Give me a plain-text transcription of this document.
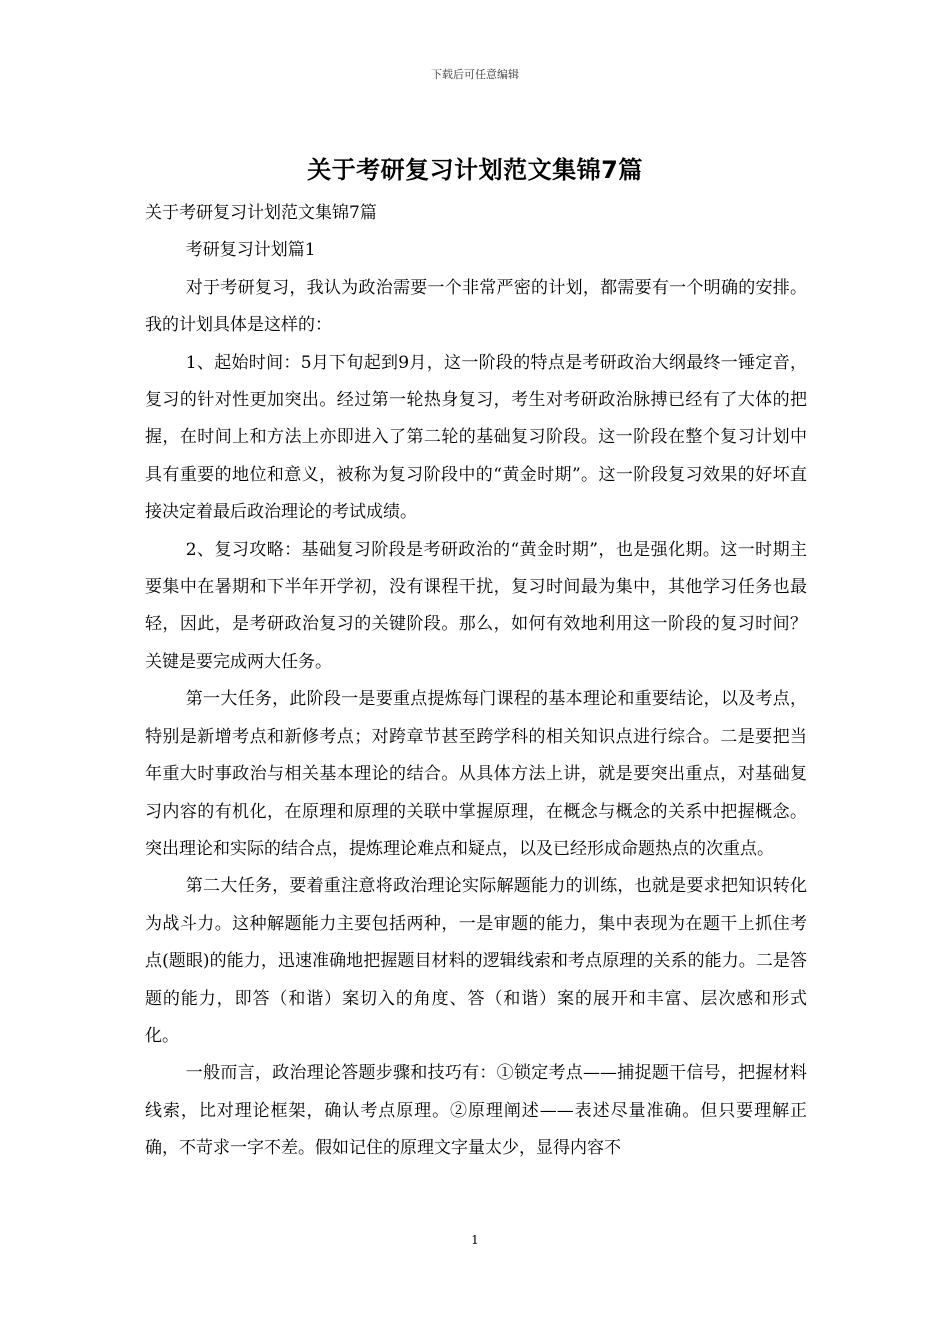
下载后可任意编辑
关于考研复习计划范文集锦7篇

关于考研复习计划范文集锦7篇

考研复习计划篇1

对于考研复习，我认为政治需要一个非常严密的计划，都需要有一个明确的安排。我的计划具体是这样的：

1、起始时间：5月下旬起到9月，这一阶段的特点是考研政治大纲最终一锤定音，复习的针对性更加突出。经过第一轮热身复习，考生对考研政治脉搏已经有了大体的把握，在时间上和方法上亦即进入了第二轮的基础复习阶段。这一阶段在整个复习计划中具有重要的地位和意义，被称为复习阶段中的“黄金时期”。这一阶段复习效果的好坏直接决定着最后政治理论的考试成绩。

2、复习攻略：基础复习阶段是考研政治的“黄金时期”，也是强化期。这一时期主要集中在暑期和下半年开学初，没有课程干扰，复习时间最为集中，其他学习任务也最轻，因此，是考研政治复习的关键阶段。那么，如何有效地利用这一阶段的复习时间？关键是要完成两大任务。

第一大任务，此阶段一是要重点提炼每门课程的基本理论和重要结论，以及考点，特别是新增考点和新修考点；对跨章节甚至跨学科的相关知识点进行综合。二是要把当年重大时事政治与相关基本理论的结合。从具体方法上讲，就是要突出重点，对基础复习内容的有机化，在原理和原理的关联中掌握原理，在概念与概念的关系中把握概念。突出理论和实际的结合点，提炼理论难点和疑点，以及已经形成命题热点的次重点。

第二大任务，要着重注意将政治理论实际解题能力的训练，也就是要求把知识转化为战斗力。这种解题能力主要包括两种，一是审题的能力，集中表现为在题干上抓住考点(题眼)的能力，迅速准确地把握题目材料的逻辑线索和考点原理的关系的能力。二是答题的能力，即答（和谐）案切入的角度、答（和谐）案的展开和丰富、层次感和形式化。

一般而言，政治理论答题步骤和技巧有：①锁定考点——捕捉题干信号，把握材料线索，比对理论框架，确认考点原理。②原理阐述——表述尽量准确。但只要理解正确，不苛求一字不差。假如记住的原理文字量太少，显得内容不

1
